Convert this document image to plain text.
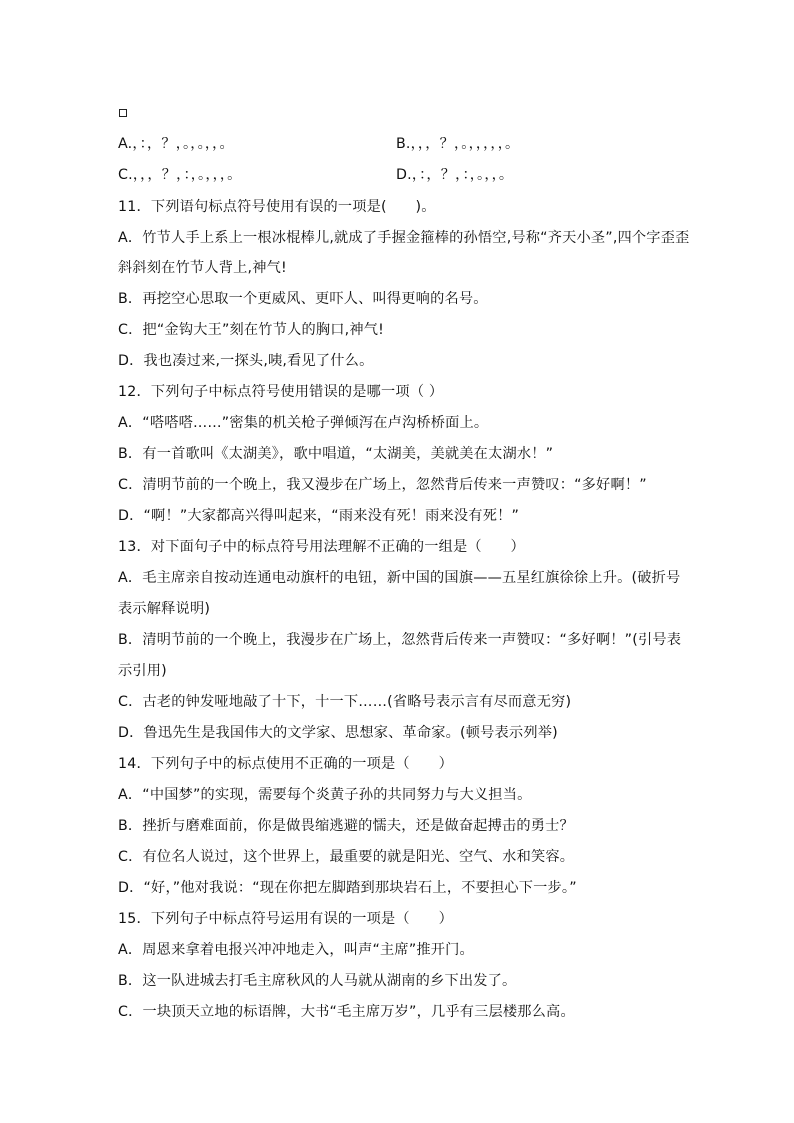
A.，：，？，。，。，，。	B.，，，？，。，，，，，。
C.，，，？，：，。，，，。	D.，：，？，：，。，，。
11．下列语句标点符号使用有误的一项是(　　)。
A．竹节人手上系上一根冰棍棒儿,就成了手握金箍棒的孙悟空,号称“齐天小圣”,四个字歪歪
斜斜刻在竹节人背上,神气!
B．再挖空心思取一个更威风、更吓人、叫得更响的名号。
C．把“金钩大王”刻在竹节人的胸口,神气!
D．我也凑过来,一探头,咦,看见了什么。
12．下列句子中标点符号使用错误的是哪一项（ ）
A．“嗒嗒嗒……”密集的机关枪子弹倾泻在卢沟桥桥面上。
B．有一首歌叫《太湖美》，歌中唱道，“太湖美，美就美在太湖水！”
C．清明节前的一个晚上，我又漫步在广场上，忽然背后传来一声赞叹：“多好啊！”
D．“啊！”大家都高兴得叫起来，“雨来没有死！雨来没有死！”
13．对下面句子中的标点符号用法理解不正确的一组是（　　）
A．毛主席亲自按动连通电动旗杆的电钮，新中国的国旗——五星红旗徐徐上升。(破折号
表示解释说明)
B．清明节前的一个晚上，我漫步在广场上，忽然背后传来一声赞叹：“多好啊！”(引号表
示引用)
C．古老的钟发哑地敲了十下，十一下……(省略号表示言有尽而意无穷)
D．鲁迅先生是我国伟大的文学家、思想家、革命家。(顿号表示列举)
14．下列句子中的标点使用不正确的一项是（　　）
A．“中国梦”的实现，需要每个炎黄子孙的共同努力与大义担当。
B．挫折与磨难面前，你是做畏缩逃避的懦夫，还是做奋起搏击的勇士？
C．有位名人说过，这个世界上，最重要的就是阳光、空气、水和笑容。
D．“好，”他对我说：“现在你把左脚踏到那块岩石上，不要担心下一步。”
15．下列句子中标点符号运用有误的一项是（　　）
A．周恩来拿着电报兴冲冲地走入，叫声“主席”推开门。
B．这一队进城去打毛主席秋风的人马就从湖南的乡下出发了。
C．一块顶天立地的标语牌，大书“毛主席万岁”，几乎有三层楼那么高。
